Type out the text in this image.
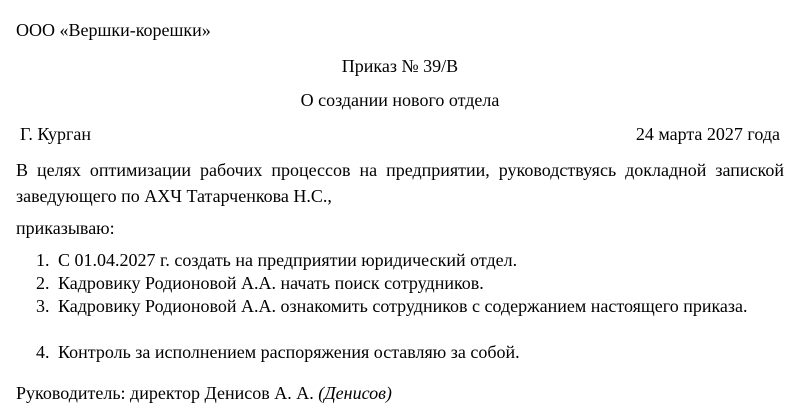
ООО «Вершки-корешки»
Приказ № 39/В
О создании нового отдела
Г. Курган	24 марта 2027 года
В целях оптимизации рабочих процессов на предприятии, руководствуясь докладной запиской заведующего по АХЧ Татарченкова Н.С.,
приказываю:
1. С 01.04.2027 г. создать на предприятии юридический отдел.
2. Кадровику Родионовой А.А. начать поиск сотрудников.
3. Кадровику Родионовой А.А. ознакомить сотрудников с содержанием настоящего приказа.
4. Контроль за исполнением распоряжения оставляю за собой.
Руководитель: директор Денисов А. А. (Денисов)
